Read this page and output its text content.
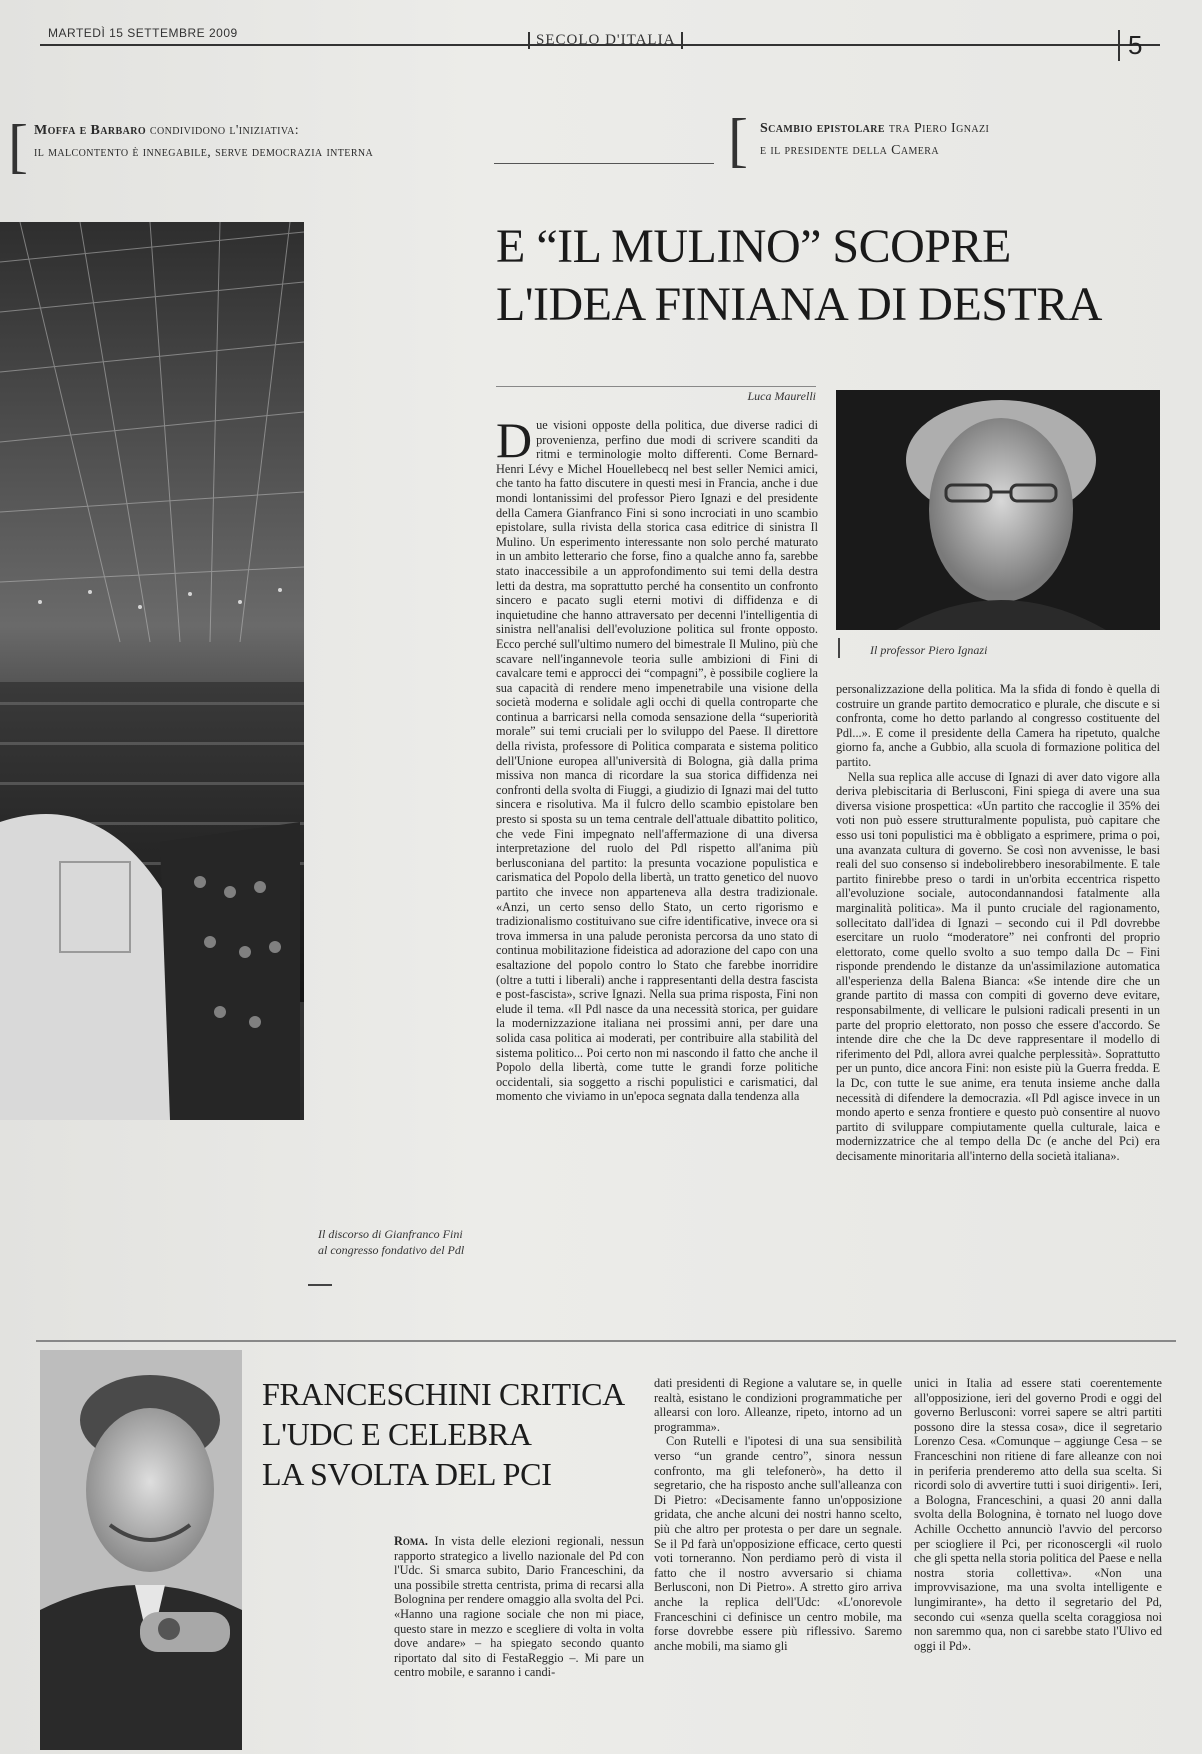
MARTEDÌ 15 SETTEMBRE 2009	SECOLO D'ITALIA	5
[ Moffa e Barbaro condividono l'iniziativa:
il malcontento è innegabile, serve democrazia interna	[ Scambio epistolare tra Piero Ignazi
e il presidente della Camera
Il discorso di Gianfranco Fini al congresso fondativo del Pdl
E “IL MULINO” SCOPRE
L'IDEA FINIANA DI DESTRA
Luca Maurelli
Il professor Piero Ignazi

Due visioni opposte della politica, due diverse radici di provenienza, perfino due modi di scrivere scanditi da ritmi e terminologie molto differenti. Come Bernard-Henri Lévy e Michel Houellebecq nel best seller Nemici amici, che tanto ha fatto discutere in questi mesi in Francia, anche i due mondi lontanissimi del professor Piero Ignazi e del presidente della Camera Gianfranco Fini si sono incrociati in uno scambio epistolare, sulla rivista della storica casa editrice di sinistra Il Mulino. Un esperimento interessante non solo perché maturato in un ambito letterario che forse, fino a qualche anno fa, sarebbe stato inaccessibile a un approfondimento sui temi della destra letti da destra, ma soprattutto perché ha consentito un confronto sincero e pacato sugli eterni motivi di diffidenza e di inquietudine che hanno attraversato per decenni l'intelligentia di sinistra nell'analisi dell'evoluzione politica sul fronte opposto. Ecco perché sull'ultimo numero del bimestrale Il Mulino, più che scavare nell'ingannevole teoria sulle ambizioni di Fini di cavalcare temi e approcci dei “compagni”, è possibile cogliere la sua capacità di rendere meno impenetrabile una visione della società moderna e solidale agli occhi di quella controparte che continua a barricarsi nella comoda sensazione della “superiorità morale” sui temi cruciali per lo sviluppo del Paese. Il direttore della rivista, professore di Politica comparata e sistema politico dell'Unione europea all'università di Bologna, già dalla prima missiva non manca di ricordare la sua storica diffidenza nei confronti della svolta di Fiuggi, a giudizio di Ignazi mai del tutto sincera e risolutiva. Ma il fulcro dello scambio epistolare ben presto si sposta su un tema centrale dell'attuale dibattito politico, che vede Fini impegnato nell'affermazione di una diversa interpretazione del ruolo del Pdl rispetto all'anima più berlusconiana del partito: la presunta vocazione populistica e carismatica del Popolo della libertà, un tratto genetico del nuovo partito che invece non apparteneva alla destra tradizionale. «Anzi, un certo senso dello Stato, un certo rigorismo e tradizionalismo costituivano sue cifre identificative, invece ora si trova immersa in una palude peronista percorsa da uno stato di continua mobilitazione fideistica ad adorazione del capo con una esaltazione del popolo contro lo Stato che farebbe inorridire (oltre a tutti i liberali) anche i rappresentanti della destra fascista e post-fascista», scrive Ignazi. Nella sua prima risposta, Fini non elude il tema. «Il Pdl nasce da una necessità storica, per guidare la modernizzazione italiana nei prossimi anni, per dare una solida casa politica ai moderati, per contribuire alla stabilità del sistema politico... Poi certo non mi nascondo il fatto che anche il Popolo della libertà, come tutte le grandi forze politiche occidentali, sia soggetto a rischi populistici e carismatici, dal momento che viviamo in un'epoca segnata dalla tendenza alla

personalizzazione della politica. Ma la sfida di fondo è quella di costruire un grande partito democratico e plurale, che discute e si confronta, come ho detto parlando al congresso costituente del Pdl...». E come il presidente della Camera ha ripetuto, qualche giorno fa, anche a Gubbio, alla scuola di formazione politica del partito.

Nella sua replica alle accuse di Ignazi di aver dato vigore alla deriva plebiscitaria di Berlusconi, Fini spiega di avere una sua diversa visione prospettica: «Un partito che raccoglie il 35% dei voti non può essere strutturalmente populista, può capitare che esso usi toni populistici ma è obbligato a esprimere, prima o poi, una avanzata cultura di governo. Se così non avvenisse, le basi reali del suo consenso si indebolirebbero inesorabilmente. E tale partito finirebbe preso o tardi in un'orbita eccentrica rispetto all'evoluzione sociale, autocondannandosi fatalmente alla marginalità politica». Ma il punto cruciale del ragionamento, sollecitato dall'idea di Ignazi – secondo cui il Pdl dovrebbe esercitare un ruolo “moderatore” nei confronti del proprio elettorato, come quello svolto a suo tempo dalla Dc – Fini risponde prendendo le distanze da un'assimilazione automatica all'esperienza della Balena Bianca: «Se intende dire che un grande partito di massa con compiti di governo deve evitare, responsabilmente, di vellicare le pulsioni radicali presenti in un parte del proprio elettorato, non posso che essere d'accordo. Se intende dire che che la Dc deve rappresentare il modello di riferimento del Pdl, allora avrei qualche perplessità». Soprattutto per un punto, dice ancora Fini: non esiste più la Guerra fredda. E la Dc, con tutte le sue anime, era tenuta insieme anche dalla necessità di difendere la democrazia. «Il Pdl agisce invece in un mondo aperto e senza frontiere e questo può consentire al nuovo partito di sviluppare compiutamente quella culturale, laica e modernizzatrice che al tempo della Dc (e anche del Pci) era decisamente minoritaria all'interno della società italiana».

FRANCESCHINI CRITICA
L'UDC E CELEBRA
LA SVOLTA DEL PCI

Roma. In vista delle elezioni regionali, nessun rapporto strategico a livello nazionale del Pd con l'Udc. Si smarca subito, Dario Franceschini, da una possibile stretta centrista, prima di recarsi alla Bolognina per rendere omaggio alla svolta del Pci. «Hanno una ragione sociale che non mi piace, questo stare in mezzo e scegliere di volta in volta dove andare» – ha spiegato secondo quanto riportato dal sito di FestaReggio –. Mi pare un centro mobile, e saranno i candi-

dati presidenti di Regione a valutare se, in quelle realtà, esistano le condizioni programmatiche per allearsi con loro. Alleanze, ripeto, intorno ad un programma».

Con Rutelli e l'ipotesi di una sua sensibilità verso “un grande centro”, sinora nessun confronto, ma gli telefonerò», ha detto il segretario, che ha risposto anche sull'alleanza con Di Pietro: «Decisamente fanno un'opposizione gridata, che anche alcuni dei nostri hanno scelto, più che altro per protesta o per dare un segnale. Se il Pd farà un'opposizione efficace, certo questi voti torneranno. Non perdiamo però di vista il fatto che il nostro avversario si chiama Berlusconi, non Di Pietro». A stretto giro arriva anche la replica dell'Udc: «L'onorevole Franceschini ci definisce un centro mobile, ma forse dovrebbe essere più riflessivo. Saremo anche mobili, ma siamo gli

unici in Italia ad essere stati coerentemente all'opposizione, ieri del governo Prodi e oggi del governo Berlusconi: vorrei sapere se altri partiti possono dire la stessa cosa», dice il segretario Lorenzo Cesa. «Comunque – aggiunge Cesa – se Franceschini non ritiene di fare alleanze con noi in periferia prenderemo atto della sua scelta. Si ricordi solo di avvertire tutti i suoi dirigenti». Ieri, a Bologna, Franceschini, a quasi 20 anni dalla svolta della Bolognina, è tornato nel luogo dove Achille Occhetto annunciò l'avvio del percorso per sciogliere il Pci, per riconoscergli «il ruolo che gli spetta nella storia politica del Paese e nella nostra storia collettiva». «Non una improvvisazione, ma una svolta intelligente e lungimirante», ha detto il segretario del Pd, secondo cui «senza quella scelta coraggiosa noi non saremmo qua, non ci sarebbe stato l'Ulivo ed oggi il Pd».
